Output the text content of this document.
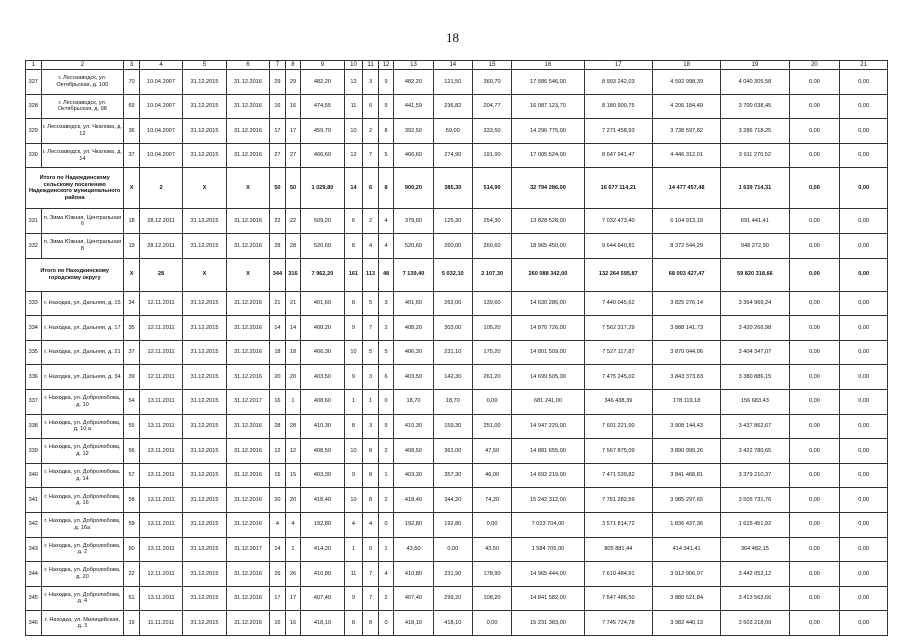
18
1	2	3	4	5	6	7	8	9	10	11	12	13	14	15	16	17	18	19	20	21
327	г. Лесозаводск, ул. Октябрьская, д. 100	70	10.04.2007	31.12.2015	31.12.2016	29	29	482,20	12	3	9	482,20	121,50	360,70	17 586 546,00	8 993 242,03	4 592 998,39	4 040 305,58	0,00	0,00
328	г. Лесозаводск, ул. Октябрьская, д. 98	69	10.04.2007	31.12.2015	31.12.2016	16	16	474,55	11	6	5	441,59	236,82	204,77	16 087 123,70	8 180 900,75	4 206 184,49	3 700 038,45	0,00	0,00
329	г. Лесозаводск, ул. Чкалова, д. 12	36	10.04.2007	31.12.2015	31.12.2016	17	17	459,70	10	2	8	392,50	59,00	333,50	14 296 775,00	7 271 458,93	3 738 597,82	3 286 718,25	0,00	0,00
330	г. Лесозаводск, ул. Чкалова, д. 14	37	10.04.2007	31.12.2015	31.12.2016	27	27	466,60	12	7	5	466,60	274,90	191,90	17 005 524,00	8 647 941,47	4 446 312,01	3 911 270,52	0,00	0,00
Итого по Надеждинскому сельскому поселению Надеждинского муниципального района		X	2	X	X	50	50	1 029,80	14	6	8	900,20	385,30	514,90	32 794 286,00	16 677 114,21	14 477 457,48	1 639 714,31	0,00	0,00
331	п. Зима Южная, Центральная 6	18	28.12.2011	31.12.2015	31.12.2016	22	22	509,20	6	2	4	379,60	125,30	254,30	13 828 528,00	7 032 473,40	6 104 913,19	691 441,41	0,00	0,00
332	п. Зима Южная, Центральная 8	19	28.12.2011	31.12.2015	31.12.2016	28	28	520,60	8	4	4	520,60	260,00	260,60	18 965 450,00	9 644 640,81	8 372 544,29	948 272,90	0,00	0,00
Итого по Находкинскому городскому округу		X	28	X	X	344	316	7 962,20	161	113	48	7 139,40	5 032,10	2 107,30	260 088 342,00	132 264 595,87	68 003 427,47	59 820 318,66	0,00	0,00
333	г. Находка, ул. Дальняя, д. 15	34	12.11.2011	31.12.2015	31.12.2016	21	21	401,60	8	5	3	401,60	262,00	139,60	14 630 286,00	7 440 045,62	3 825 276,14	3 364 969,24	0,00	0,00
334	г. Находка, ул. Дальняя, д. 17	35	12.11.2011	31.12.2015	31.12.2016	14	14	408,20	9	7	2	408,20	303,00	105,20	14 870 726,00	7 562 317,29	3 888 141,73	3 420 266,98	0,00	0,00
335	г. Находка, ул. Дальняя, д. 21	37	12.11.2011	31.12.2015	31.12.2016	18	18	406,30	10	5	5	406,30	231,10	175,20	14 801 509,00	7 527 117,87	3 870 044,06	3 404 347,07	0,00	0,00
336	г. Находка, ул. Дальняя, д. 34	39	12.11.2011	31.12.2015	31.12.2016	20	20	403,50	9	3	6	403,50	142,30	261,20	14 699 505,00	7 475 245,02	3 843 373,83	3 380 886,15	0,00	0,00
337	г. Находка, ул. Добролюбова, д. 10	54	13.11.2011	31.12.2015	31.12.2017	16	1	408,60	1	1	0	18,70	18,70	0,00	681 241,00	346 438,39	178 119,18	156 683,43	0,00	0,00
338	г. Находка, ул. Добролюбова, д. 10 а	55	13.11.2011	31.12.2015	31.12.2016	28	28	410,30	8	3	5	410,30	159,30	251,00	14 947 229,00	7 601 221,90	3 908 144,43	3 437 862,67	0,00	0,00
339	г. Находка, ул. Добролюбова, д. 12	56	13.11.2011	31.12.2015	31.12.2016	12	12	408,50	10	8	2	408,50	361,00	47,50	14 881 655,00	7 567 875,09	3 890 999,26	3 422 780,65	0,00	0,00
340	г. Находка, ул. Добролюбова, д. 14	57	13.11.2011	31.12.2015	31.12.2016	15	15	403,30	9	8	1	403,30	357,30	46,00	14 692 219,00	7 471 539,82	3 841 468,81	3 379 210,37	0,00	0,00
341	г. Находка, ул. Добролюбова, д. 16	58	13.11.2011	31.12.2015	31.12.2016	20	20	418,40	10	8	2	418,40	344,20	74,20	15 242 312,00	7 751 282,59	3 985 297,65	3 505 731,76	0,00	0,00
342	г. Находка, ул. Добролюбова, д. 16а	59	13.11.2011	31.12.2015	31.12.2016	4	4	192,80	4	4	0	192,80	192,80	0,00	7 023 704,00	3 571 814,72	1 836 437,36	1 615 451,92	0,00	0,00
343	г. Находка, ул. Добролюбова, д. 2	50	13.11.2011	31.12.2015	31.12.2017	14	1	414,20	1	0	1	43,50	0,00	43,50	1 584 705,00	805 881,44	414 341,41	364 482,15	0,00	0,00
344	г. Находка, ул. Добролюбова, д. 20	22	12.11.2011	31.12.2015	31.12.2016	26	26	410,80	11	7	4	410,80	231,90	178,90	14 965 444,00	7 610 484,91	3 912 906,97	3 442 052,12	0,00	0,00
345	г. Находка, ул. Добролюбова, д. 4	51	13.11.2011	31.12.2015	31.12.2016	17	17	407,40	9	7	2	407,40	299,20	108,20	14 841 582,00	7 547 486,50	3 880 521,84	3 413 563,66	0,00	0,00
346	г. Находка, ул. Милицейская, д. 3	19	11.11.2011	31.12.2015	31.12.2016	16	16	418,10	8	8	0	418,10	418,10	0,00	15 231 383,00	7 745 724,78	3 982 440,13	3 503 218,09	0,00	0,00
